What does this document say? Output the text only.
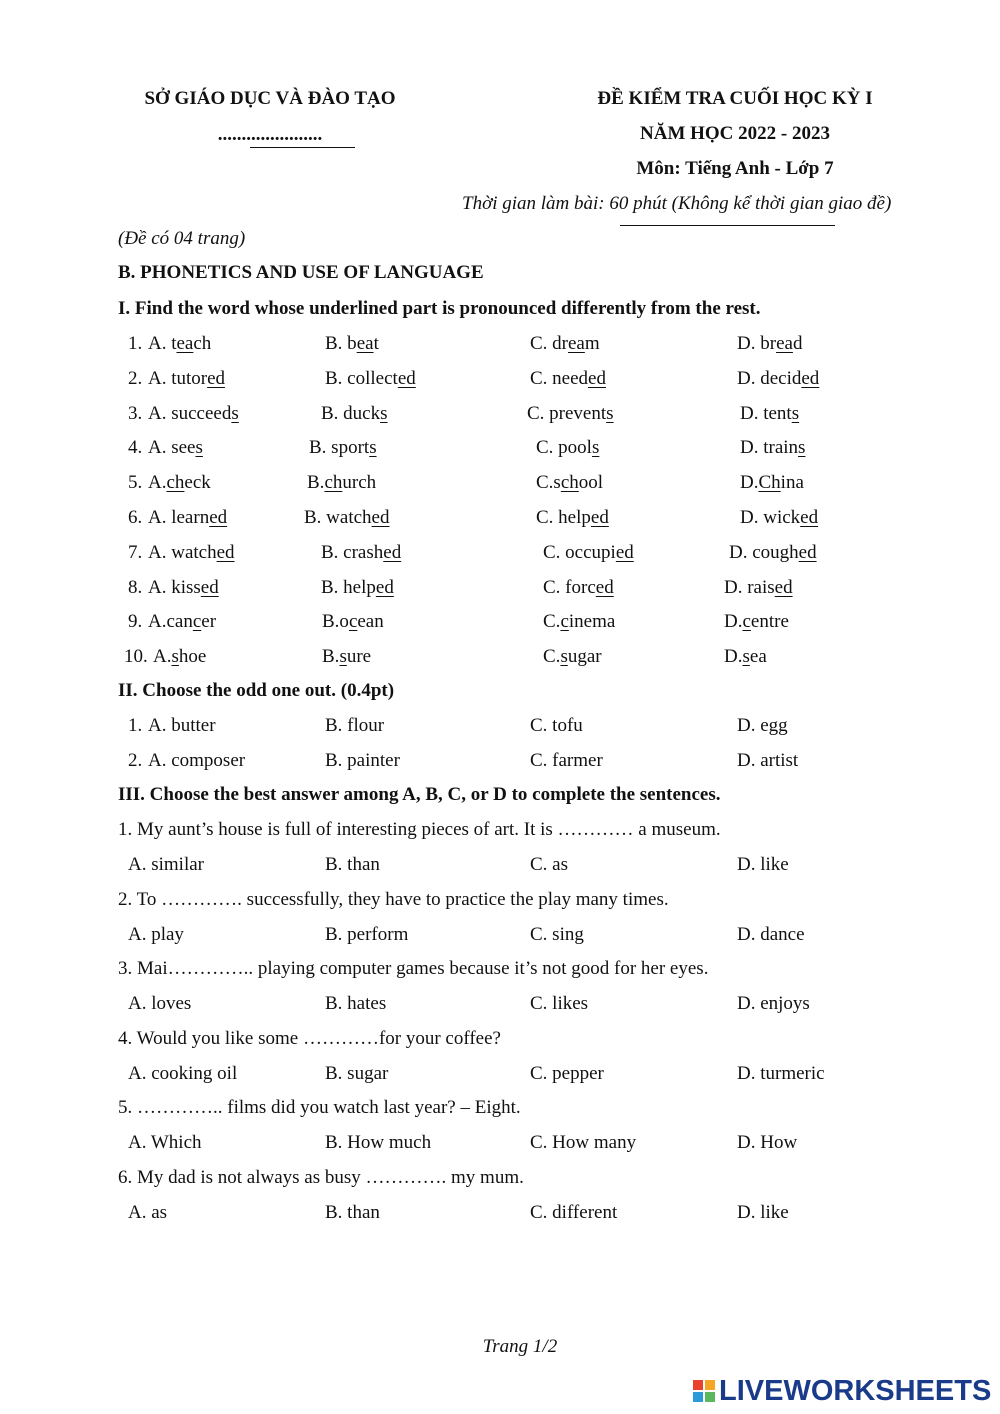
SỞ GIÁO DỤC VÀ ĐÀO TẠO
......................
ĐỀ KIỂM TRA CUỐI HỌC KỲ I
NĂM HỌC 2022 - 2023
Môn: Tiếng Anh - Lớp 7
Thời gian làm bài: 60 phút (Không kể thời gian giao đề)
(Đề có 04 trang)
B. PHONETICS AND USE OF LANGUAGE
I. Find the word whose underlined part is pronounced differently from the rest.
1. A. teach	B. beat	C. dream	D. bread
2. A. tutored	B. collected	C. needed	D. decided
3. A. succeeds	B. ducks	C. prevents	D. tents
4. A. sees	B. sports	C. pools	D. trains
5. A.check	B.church	C.school	D.China
6. A. learned	B. watched	C. helped	D. wicked
7. A. watched	B. crashed	C. occupied	D. coughed
8. A. kissed	B. helped	C. forced	D. raised
9. A.cancer	B.ocean	C.cinema	D.centre
10. A.shoe	B.sure	C.sugar	D.sea
II. Choose the odd one out. (0.4pt)
1. A. butter	B. flour	C. tofu	D. egg
2. A. composer	B. painter	C. farmer	D. artist
III. Choose the best answer among A, B, C, or D to complete the sentences.
1. My aunt’s house is full of interesting pieces of art. It is ………… a museum.
A. similar	B. than	C. as	D. like
2. To …………. successfully, they have to practice the play many times.
A. play	B. perform	C. sing	D. dance
3. Mai………….. playing computer games because it’s not good for her eyes.
A. loves	B. hates	C. likes	D. enjoys
4. Would you like some …………for your coffee?
A. cooking oil	B. sugar	C. pepper	D. turmeric
5. ………….. films did you watch last year? – Eight.
A. Which	B. How much	C. How many	D. How
6. My dad is not always as busy …………. my mum.
A. as	B. than	C. different	D. like
Trang 1/2
LIVEWORKSHEETS
